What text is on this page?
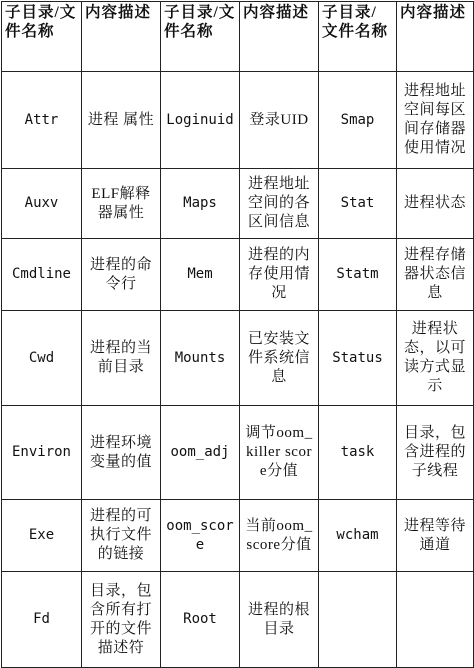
子目录/文件名称	内容描述	子目录/文件名称	内容描述	子目录/文件名称	内容描述
Attr	进程 属性	Loginuid	登录UID	Smap	进程地址空间每区间存储器使用情况
Auxv	ELF解释器属性	Maps	进程地址空间的各区间信息	Stat	进程状态
Cmdline	进程的命令行	Mem	进程的内存使用情况	Statm	进程存储器状态信息
Cwd	进程的当前目录	Mounts	已安装文件系统信息	Status	进程状态，以可读方式显示
Environ	进程环境变量的值	oom_adj	调节oom_killer score分值	task	目录，包含进程的子线程
Exe	进程的可执行文件的链接	oom_score	当前oom_score分值	wcham	进程等待通道
Fd	目录，包含所有打开的文件描述符	Root	进程的根目录		
